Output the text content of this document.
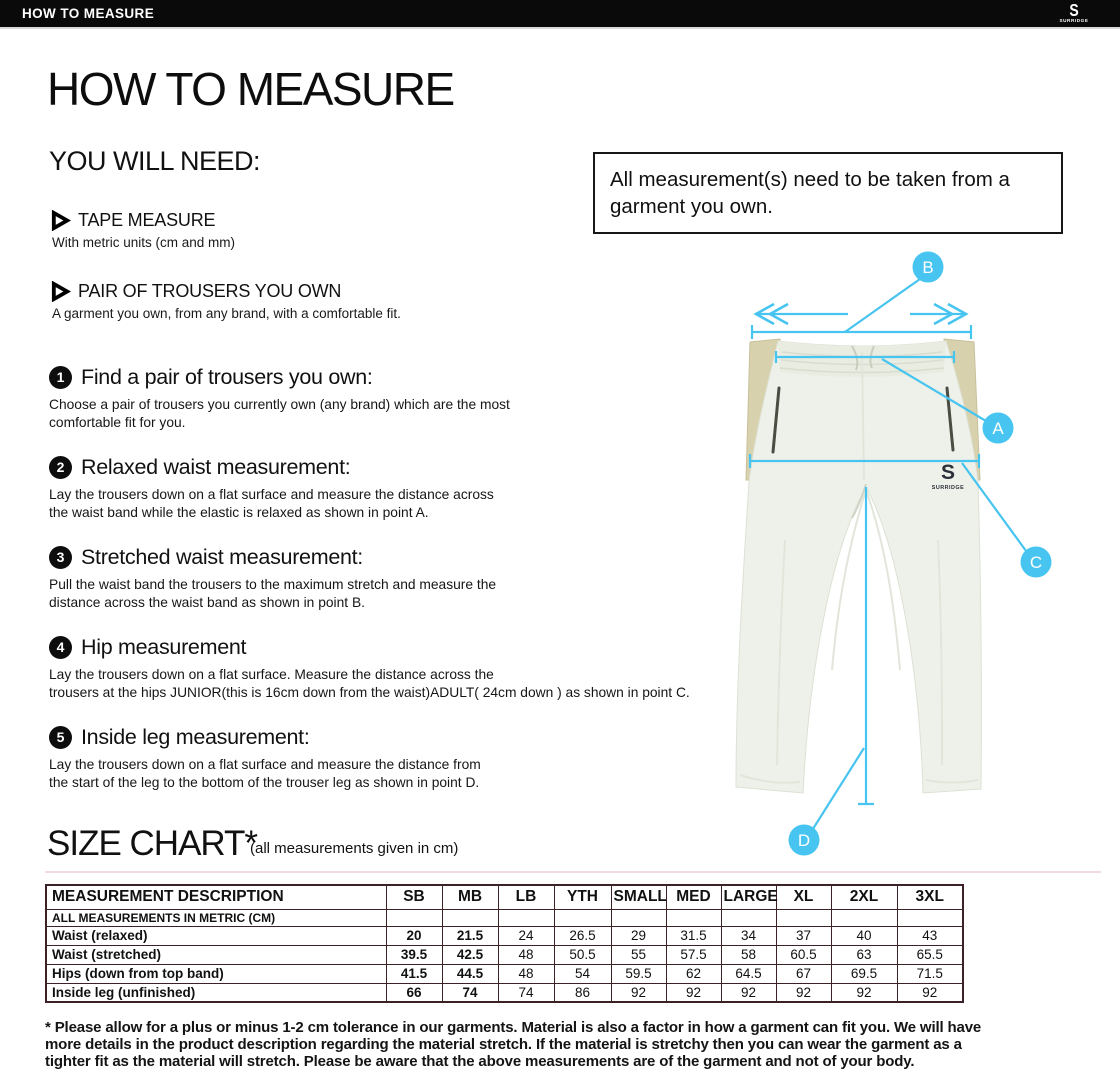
HOW TO MEASURE	S
SURRIDGE
HOW TO MEASURE
YOU WILL NEED:
TAPE MEASURE
With metric units (cm and mm)
PAIR OF TROUSERS YOU OWN
A garment you own, from any brand, with a comfortable fit.
All measurement(s) need to be taken from a garment you own.
1 Find a pair of trousers you own:
Choose a pair of trousers you currently own (any brand) which are the most
comfortable fit for you.
2 Relaxed waist measurement:
Lay the trousers down on a flat surface and measure the distance across
the waist band while the elastic is relaxed as shown in point A.
3 Stretched waist measurement:
Pull the waist band the trousers to the maximum stretch and measure the
distance across the waist band as shown in point B.
4 Hip measurement
Lay the trousers down on a flat surface. Measure the distance across the
trousers at the hips JUNIOR(this is 16cm down from the waist)ADULT( 24cm down ) as shown in point C.
5 Inside leg measurement:
Lay the trousers down on a flat surface and measure the distance from
the start of the leg to the bottom of the trouser leg as shown in point D.
S
SURRIDGE
A
B
C
D
SIZE CHART*
(all measurements given in cm)
MEASUREMENT DESCRIPTION	SB	MB	LB	YTH	SMALL	MED	LARGE	XL	2XL	3XL
ALL MEASUREMENTS IN METRIC (CM)										
Waist (relaxed)	20	21.5	24	26.5	29	31.5	34	37	40	43
Waist (stretched)	39.5	42.5	48	50.5	55	57.5	58	60.5	63	65.5
Hips (down from top band)	41.5	44.5	48	54	59.5	62	64.5	67	69.5	71.5
Inside leg (unfinished)	66	74	74	86	92	92	92	92	92	92
* Please allow for a plus or minus 1-2 cm tolerance in our garments. Material is also a factor in how a garment can fit you. We will have
more details in the product description regarding the material stretch. If the material is stretchy then you can wear the garment as a
tighter fit as the material will stretch. Please be aware that the above measurements are of the garment and not of your body.
